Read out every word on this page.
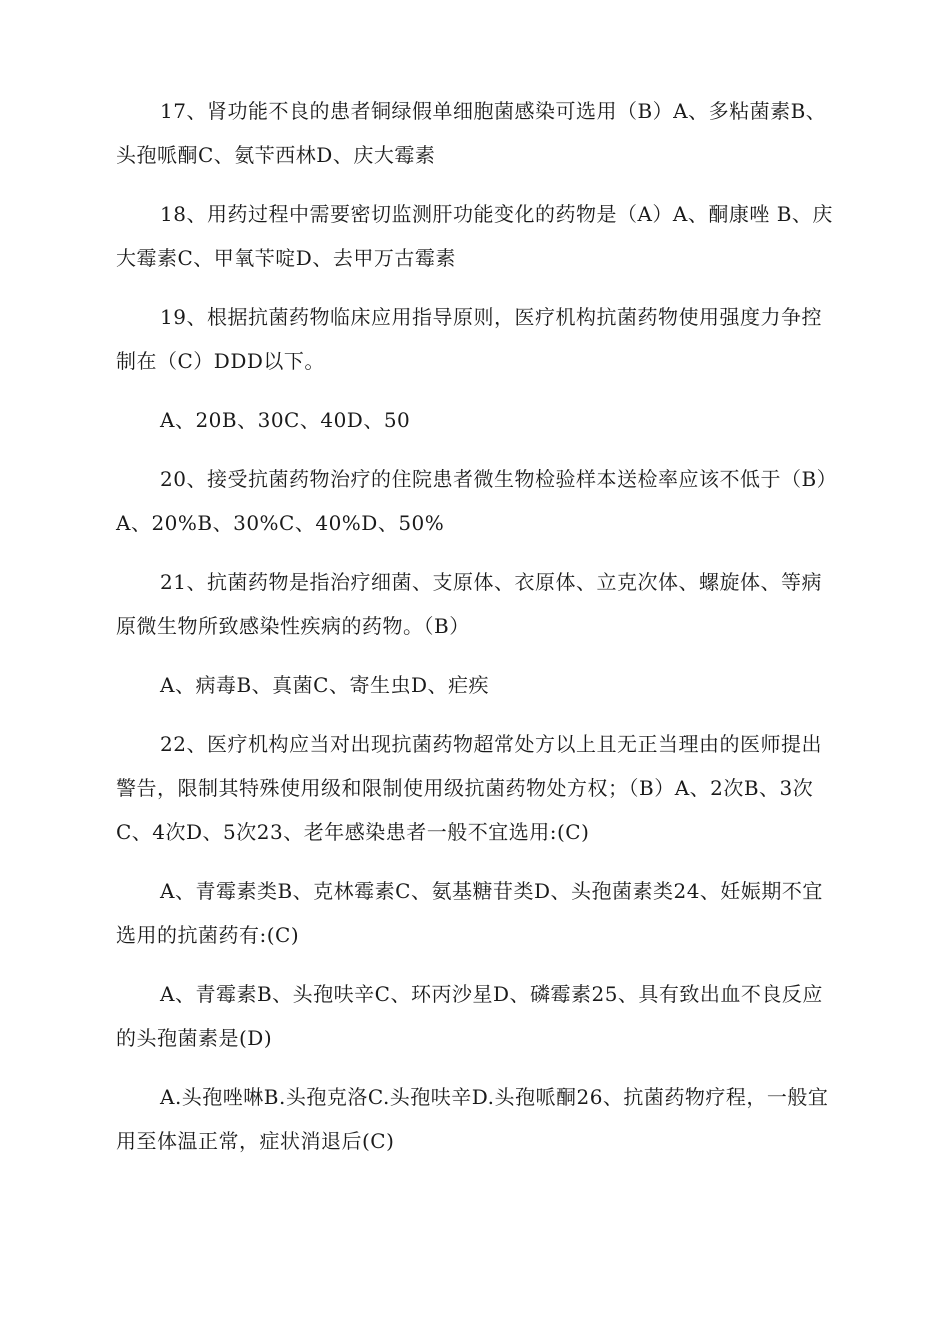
17、肾功能不良的患者铜绿假单细胞菌感染可选用（B）A、多粘菌素B、头孢哌酮C、氨苄西林D、庆大霉素

18、用药过程中需要密切监测肝功能变化的药物是（A）A、酮康唑 B、庆大霉素C、甲氧苄啶D、去甲万古霉素

19、根据抗菌药物临床应用指导原则，医疗机构抗菌药物使用强度力争控制在（C）DDD以下。

A、20B、30C、40D、50

20、接受抗菌药物治疗的住院患者微生物检验样本送检率应该不低于（B）A、20%B、30%C、40%D、50%

21、抗菌药物是指治疗细菌、支原体、衣原体、立克次体、螺旋体、等病原微生物所致感染性疾病的药物。（B）

A、病毒B、真菌C、寄生虫D、疟疾

22、医疗机构应当对出现抗菌药物超常处方以上且无正当理由的医师提出警告，限制其特殊使用级和限制使用级抗菌药物处方权；（B）A、2次B、3次C、4次D、5次23、老年感染患者一般不宜选用:(C)

A、青霉素类B、克林霉素C、氨基糖苷类D、头孢菌素类24、妊娠期不宜选用的抗菌药有:(C)

A、青霉素B、头孢呋辛C、环丙沙星D、磷霉素25、具有致出血不良反应的头孢菌素是(D)

A.头孢唑啉B.头孢克洛C.头孢呋辛D.头孢哌酮26、抗菌药物疗程，一般宜用至体温正常，症状消退后(C)
